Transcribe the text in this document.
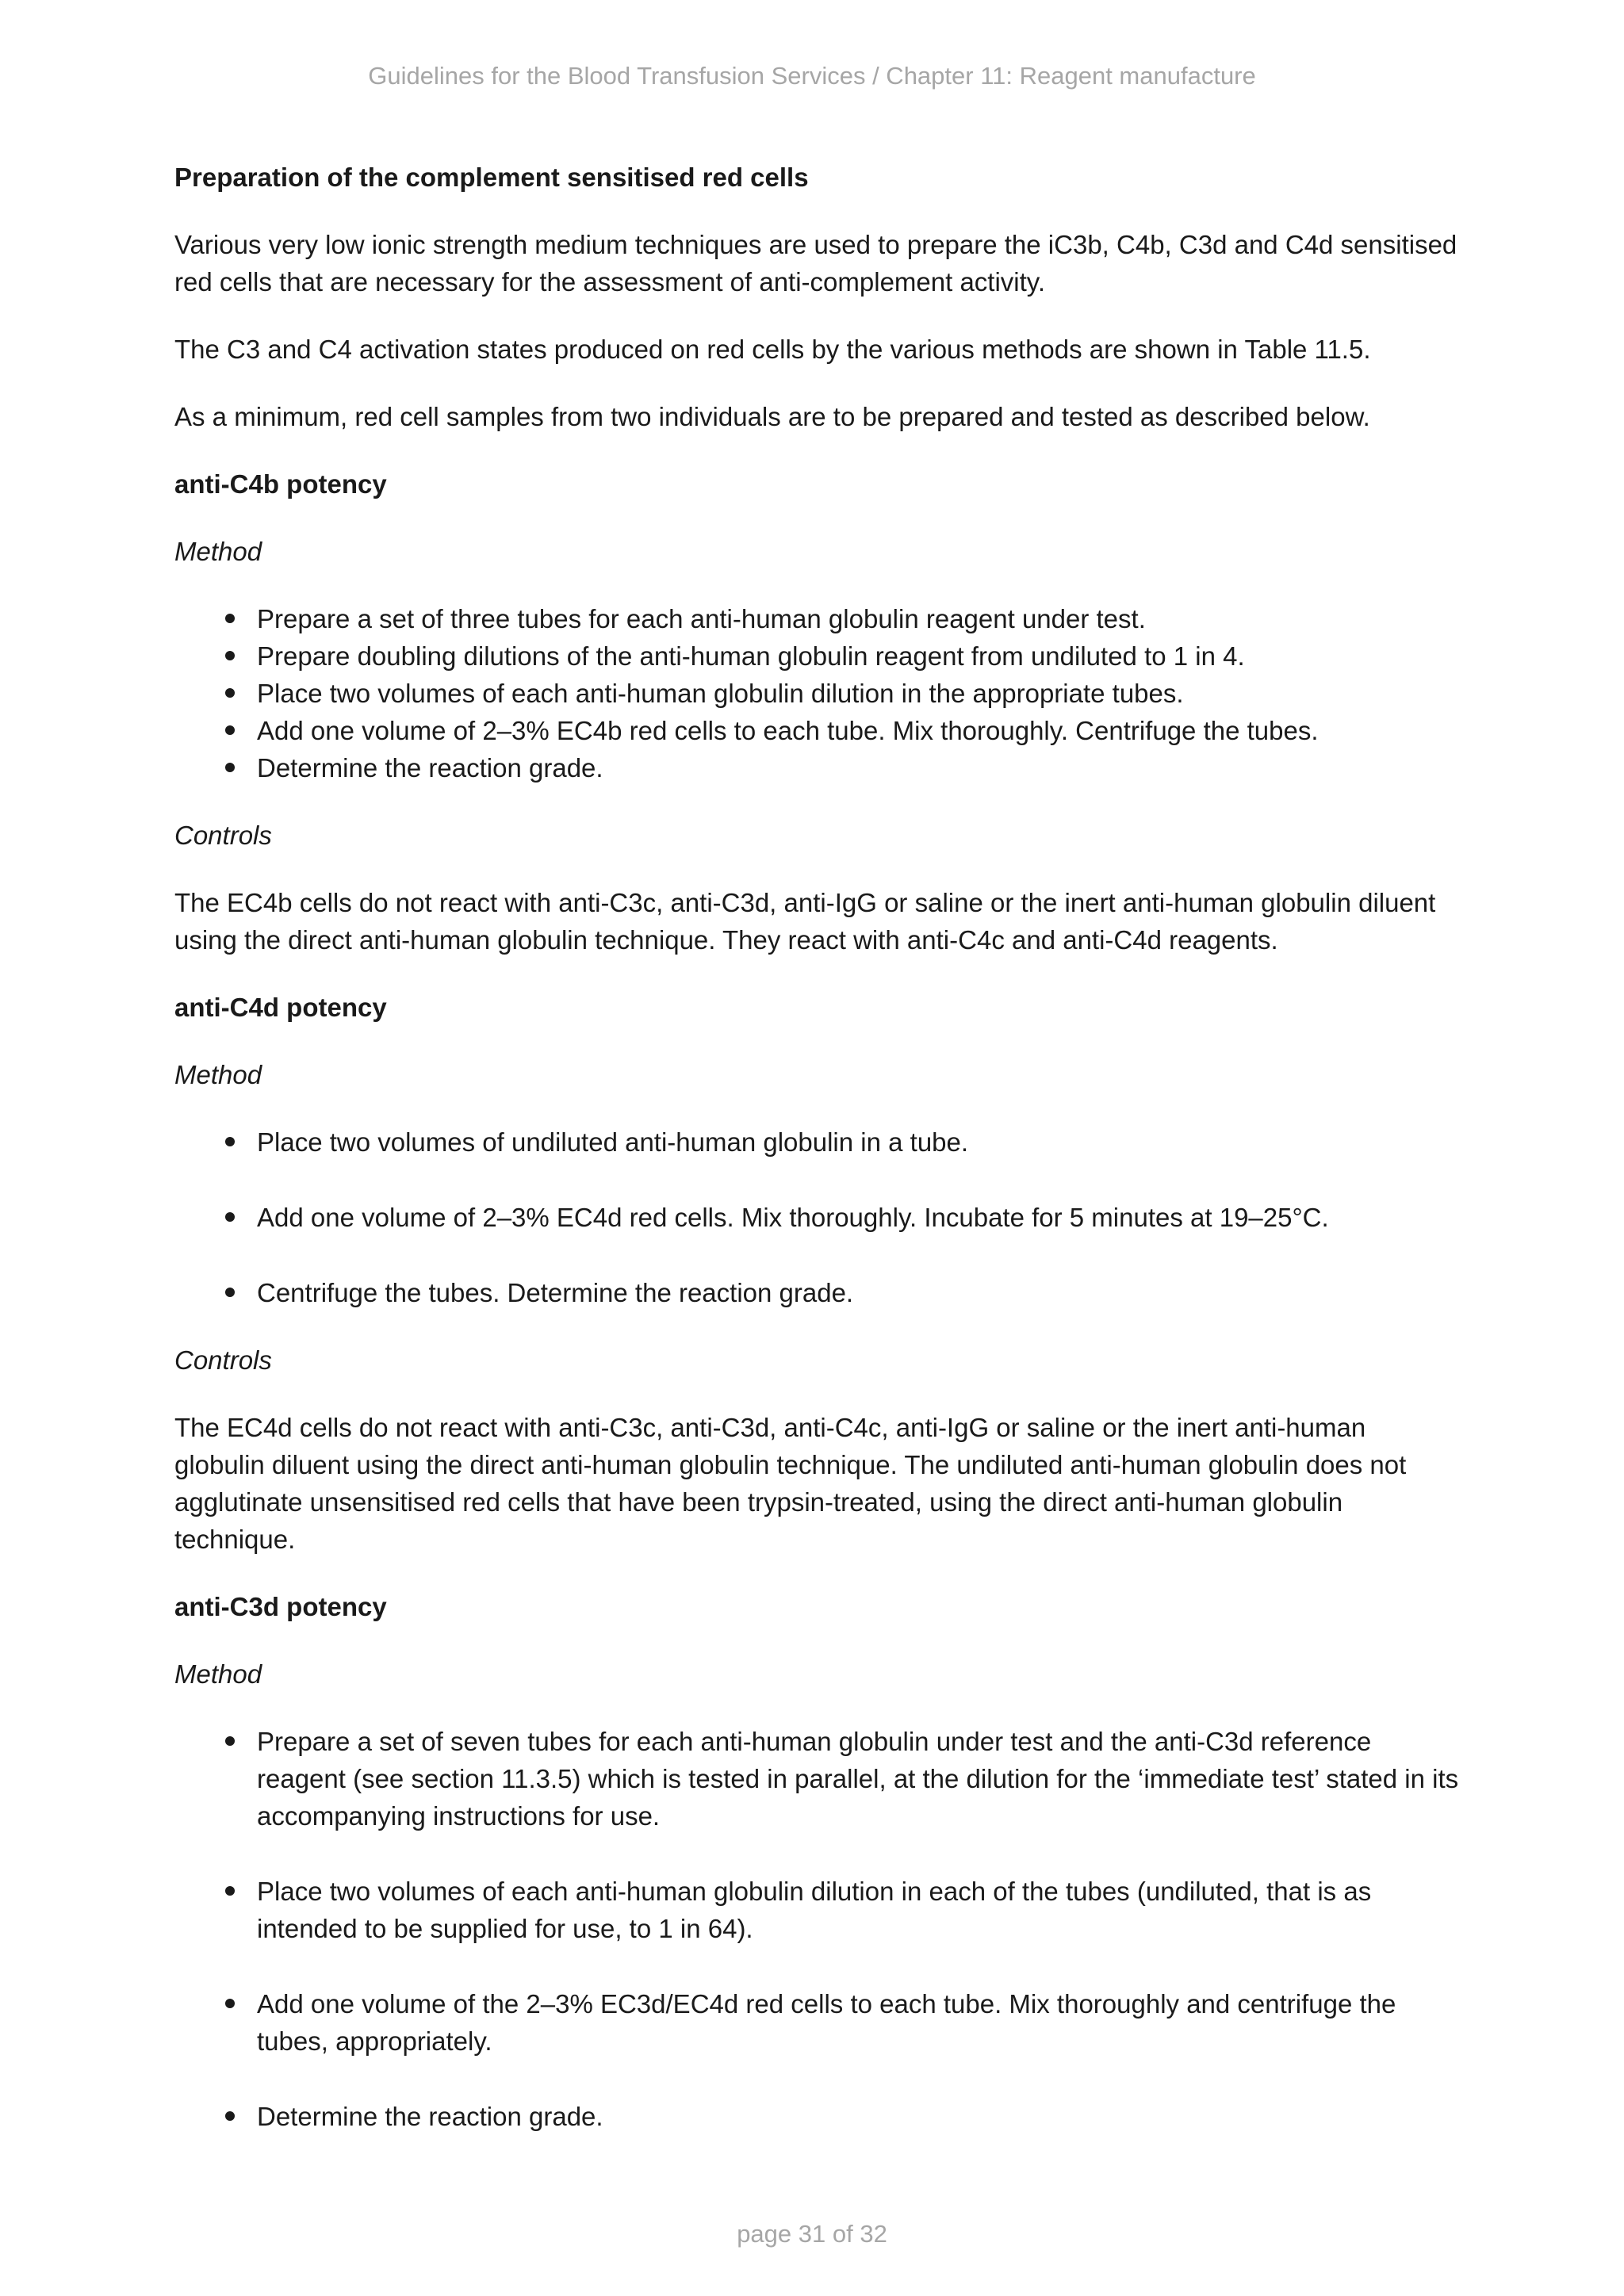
Guidelines for the Blood Transfusion Services / Chapter 11: Reagent manufacture
Preparation of the complement sensitised red cells
Various very low ionic strength medium techniques are used to prepare the iC3b, C4b, C3d and C4d sensitised red cells that are necessary for the assessment of anti-complement activity.
The C3 and C4 activation states produced on red cells by the various methods are shown in Table 11.5.
As a minimum, red cell samples from two individuals are to be prepared and tested as described below.
anti-C4b potency
Method
Prepare a set of three tubes for each anti-human globulin reagent under test.
Prepare doubling dilutions of the anti-human globulin reagent from undiluted to 1 in 4.
Place two volumes of each anti-human globulin dilution in the appropriate tubes.
Add one volume of 2–3% EC4b red cells to each tube. Mix thoroughly. Centrifuge the tubes.
Determine the reaction grade.
Controls
The EC4b cells do not react with anti-C3c, anti-C3d, anti-IgG or saline or the inert anti-human globulin diluent using the direct anti-human globulin technique. They react with anti-C4c and anti-C4d reagents.
anti-C4d potency
Method
Place two volumes of undiluted anti-human globulin in a tube.
Add one volume of 2–3% EC4d red cells. Mix thoroughly. Incubate for 5 minutes at 19–25°C.
Centrifuge the tubes. Determine the reaction grade.
Controls
The EC4d cells do not react with anti-C3c, anti-C3d, anti-C4c, anti-IgG or saline or the inert anti-human globulin diluent using the direct anti-human globulin technique. The undiluted anti-human globulin does not agglutinate unsensitised red cells that have been trypsin-treated, using the direct anti-human globulin technique.
anti-C3d potency
Method
Prepare a set of seven tubes for each anti-human globulin under test and the anti-C3d reference reagent (see section 11.3.5) which is tested in parallel, at the dilution for the ‘immediate test’ stated in its accompanying instructions for use.
Place two volumes of each anti-human globulin dilution in each of the tubes (undiluted, that is as intended to be supplied for use, to 1 in 64).
Add one volume of the 2–3% EC3d/EC4d red cells to each tube. Mix thoroughly and centrifuge the tubes, appropriately.
Determine the reaction grade.
page 31 of 32
